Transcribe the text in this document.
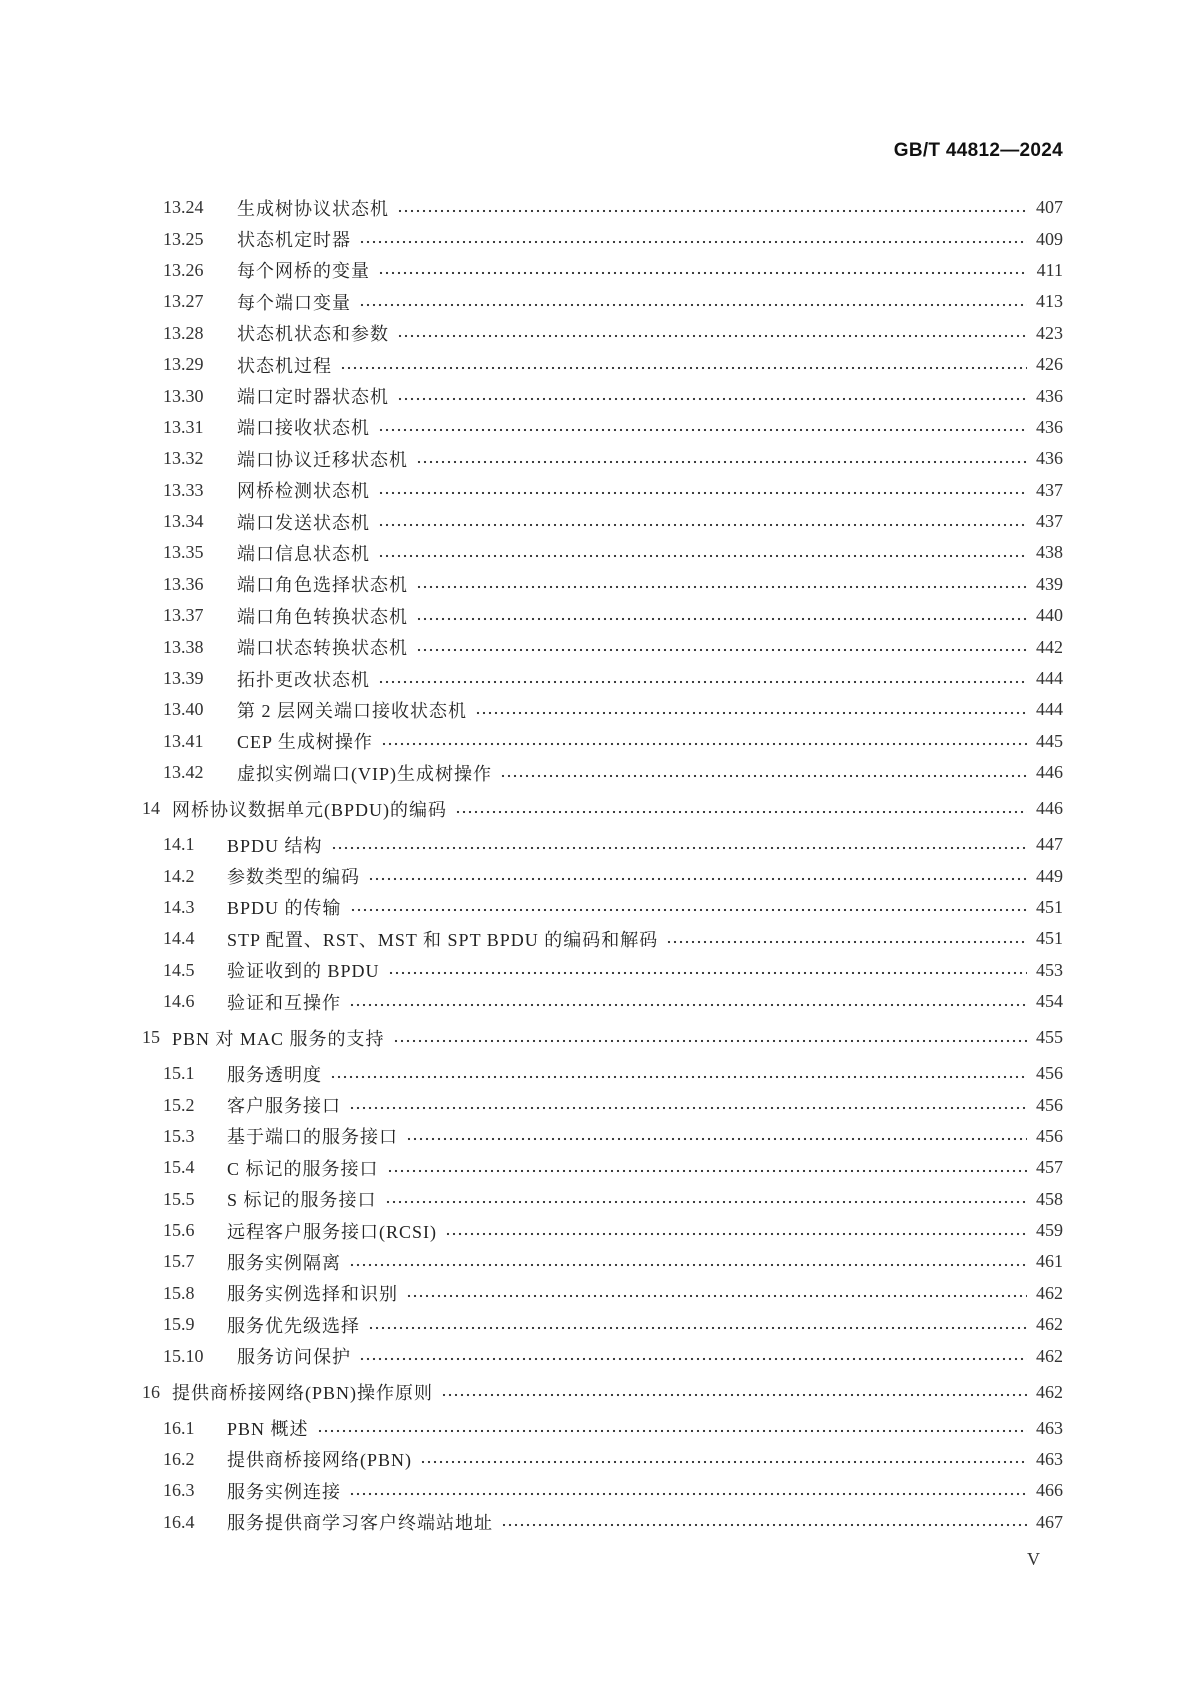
GB/T 44812—2024
13.24	生成树协议状态机	407
13.25	状态机定时器	409
13.26	每个网桥的变量	411
13.27	每个端口变量	413
13.28	状态机状态和参数	423
13.29	状态机过程	426
13.30	端口定时器状态机	436
13.31	端口接收状态机	436
13.32	端口协议迁移状态机	436
13.33	网桥检测状态机	437
13.34	端口发送状态机	437
13.35	端口信息状态机	438
13.36	端口角色选择状态机	439
13.37	端口角色转换状态机	440
13.38	端口状态转换状态机	442
13.39	拓扑更改状态机	444
13.40	第 2 层网关端口接收状态机	444
13.41	CEP 生成树操作	445
13.42	虚拟实例端口(VIP)生成树操作	446
14 网桥协议数据单元(BPDU)的编码	446
14.1	BPDU 结构	447
14.2	参数类型的编码	449
14.3	BPDU 的传输	451
14.4	STP 配置、RST、MST 和 SPT BPDU 的编码和解码	451
14.5	验证收到的 BPDU	453
14.6	验证和互操作	454
15 PBN 对 MAC 服务的支持	455
15.1	服务透明度	456
15.2	客户服务接口	456
15.3	基于端口的服务接口	456
15.4	C 标记的服务接口	457
15.5	S 标记的服务接口	458
15.6	远程客户服务接口(RCSI)	459
15.7	服务实例隔离	461
15.8	服务实例选择和识别	462
15.9	服务优先级选择	462
15.10	服务访问保护	462
16 提供商桥接网络(PBN)操作原则	462
16.1	PBN 概述	463
16.2	提供商桥接网络(PBN)	463
16.3	服务实例连接	466
16.4	服务提供商学习客户终端站地址	467
V
